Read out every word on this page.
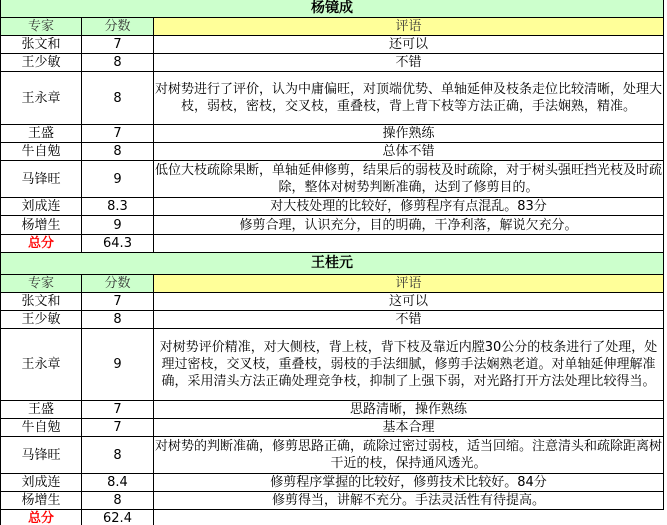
杨镜成		
专家	分数	评语
张文和	7	还可以
王少敏	8	不错
王永章	8	对树势进行了评价，认为中庸偏旺，对顶端优势、单轴延伸及枝条走位比较清晰，处理大枝，弱枝，密枝，交叉枝，重叠枝，背上背下枝等方法正确，手法娴熟，精准。
王盛	7	操作熟练
牛自勉	8	总体不错
马锋旺	9	低位大枝疏除果断，单轴延伸修剪，结果后的弱枝及时疏除，对于树头强旺挡光枝及时疏除，整体对树势判断准确，达到了修剪目的。
刘成连	8.3	对大枝处理的比较好，修剪程序有点混乱。83分
杨增生	9	修剪合理，认识充分，目的明确，干净利落，解说欠充分。
总分	64.3	
王桂元		
专家	分数	评语
张文和	7	这可以
王少敏	8	不错
王永章	9	对树势评价精准，对大侧枝，背上枝，背下枝及靠近内膛30公分的枝条进行了处理，处理过密枝，交叉枝，重叠枝，弱枝的手法细腻，修剪手法娴熟老道。对单轴延伸理解准确，采用清头方法正确处理竞争枝，抑制了上强下弱，对光路打开方法处理比较得当。
王盛	7	思路清晰，操作熟练
牛自勉	7	基本合理
马锋旺	8	对树势的判断准确，修剪思路正确，疏除过密过弱枝，适当回缩。注意清头和疏除距离树干近的枝，保持通风透光。
刘成连	8.4	修剪程序掌握的比较好，修剪技术比较好。84分
杨增生	8	修剪得当，讲解不充分。手法灵活性有待提高。
总分	62.4	
